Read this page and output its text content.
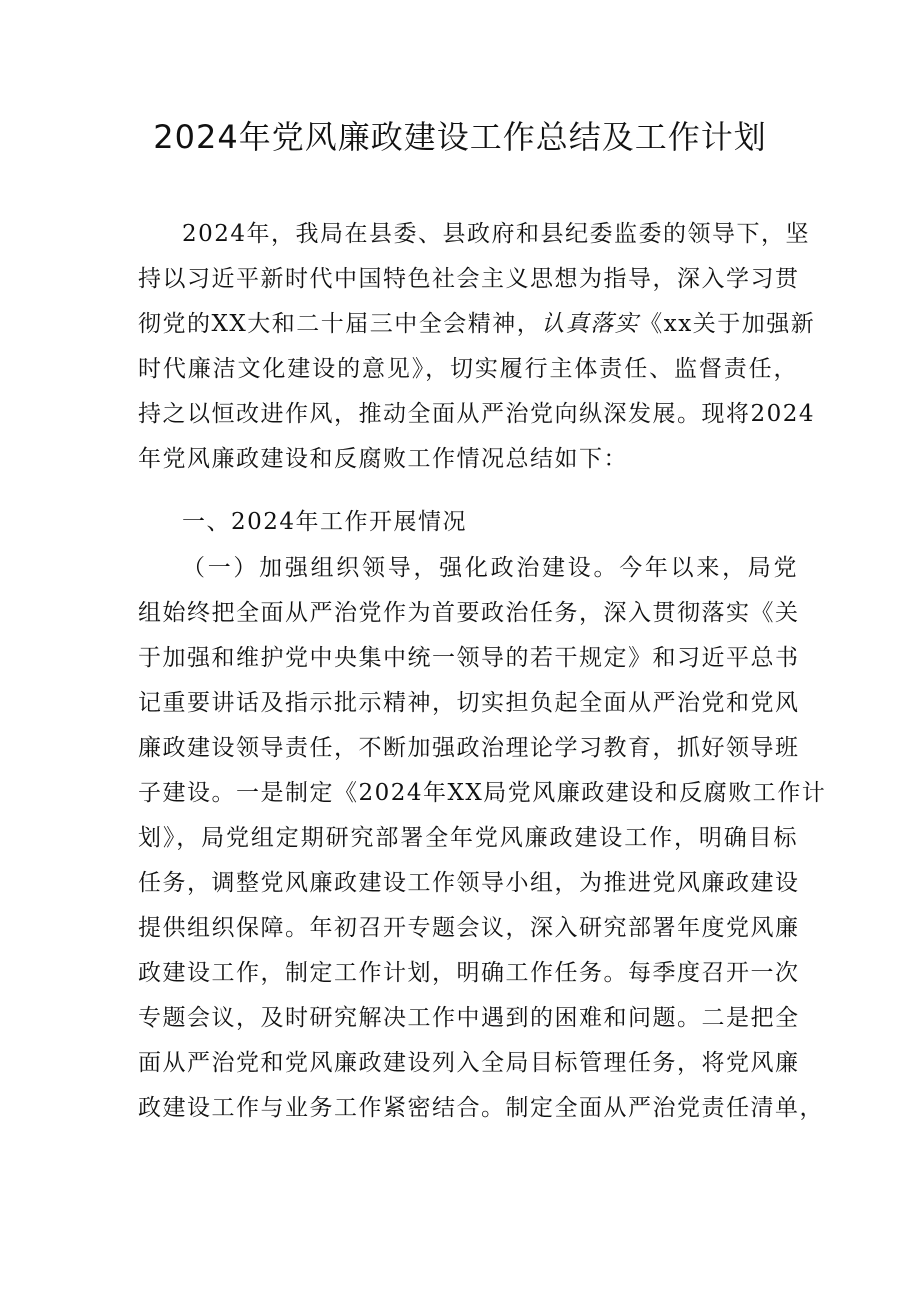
2024年党风廉政建设工作总结及工作计划
2024年，我局在县委、县政府和县纪委监委的领导下，坚
持以习近平新时代中国特色社会主义思想为指导，深入学习贯
彻党的XX大和二十届三中全会精神，认真落实《xx关于加强新
时代廉洁文化建设的意见》，切实履行主体责任、监督责任，
持之以恒改进作风，推动全面从严治党向纵深发展。现将2024
年党风廉政建设和反腐败工作情况总结如下：

一、2024年工作开展情况

（一）加强组织领导，强化政治建设。今年以来，局党
组始终把全面从严治党作为首要政治任务，深入贯彻落实《关
于加强和维护党中央集中统一领导的若干规定》和习近平总书
记重要讲话及指示批示精神，切实担负起全面从严治党和党风
廉政建设领导责任，不断加强政治理论学习教育，抓好领导班
子建设。一是制定《2024年XX局党风廉政建设和反腐败工作计
划》，局党组定期研究部署全年党风廉政建设工作，明确目标
任务，调整党风廉政建设工作领导小组，为推进党风廉政建设
提供组织保障。年初召开专题会议，深入研究部署年度党风廉
政建设工作，制定工作计划，明确工作任务。每季度召开一次
专题会议，及时研究解决工作中遇到的困难和问题。二是把全
面从严治党和党风廉政建设列入全局目标管理任务，将党风廉
政建设工作与业务工作紧密结合。制定全面从严治党责任清单，
